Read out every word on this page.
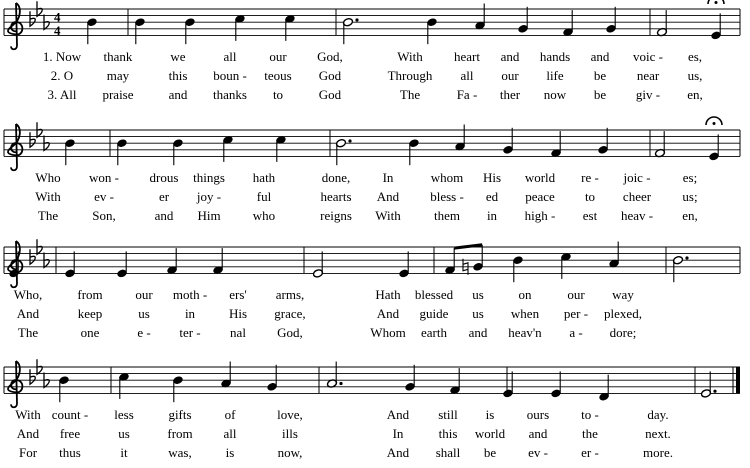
4
4
1. Now thank	we	all	our God,	With heart and hands and voic - es,
2. O	may	this boun - teous God	Through all our life be near us,
3. All praise	and thanks to	God	The	Fa - ther now be giv - en,
Who won - drous things hath	done, In	whom His world re - joic - es;
With	ev -	er joy -	ful	hearts And bless - ed peace to cheer us;
The	Son,	and Him who	reigns With	them in high - est heav - en,
Who,	from	our moth - ers' arms,	Hath blessed us	on	our way
And	keep	us	in	His grace,	And guide us when per - plexed,
The	one	e - ter - nal God,	Whom earth and heav'n a - dore;
With count - less	gifts	of	love,	And still is ours to -	day.
And free	us	from all	ills	In	this world and	the	next.
For thus	it	was,	is	now,	And shall be ev -	er -	more.
